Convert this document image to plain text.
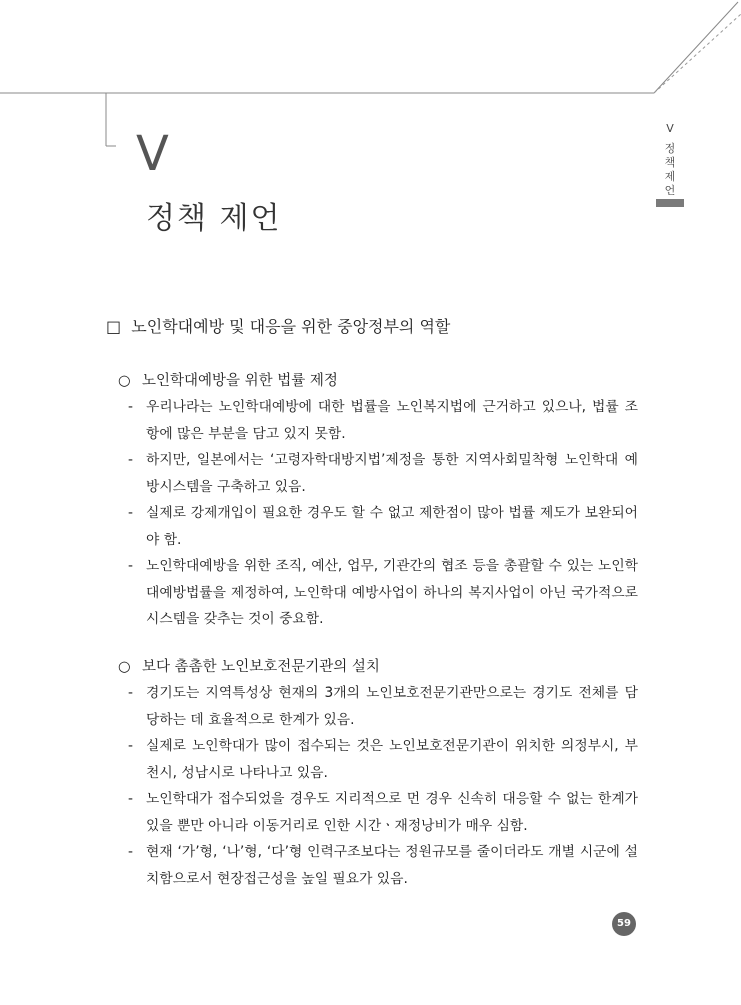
V
정책 제언
V
정
책
제
언
□ 노인학대예방 및 대응을 위한 중앙정부의 역할
○ 노인학대예방을 위한 법률 제정
- 우리나라는 노인학대예방에 대한 법률을 노인복지법에 근거하고 있으나, 법률 조항에 많은 부분을 담고 있지 못함.
- 하지만, 일본에서는 ‘고령자학대방지법’제정을 통한 지역사회밀착형 노인학대 예방시스템을 구축하고 있음.
- 실제로 강제개입이 필요한 경우도 할 수 없고 제한점이 많아 법률 제도가 보완되어야 함.
- 노인학대예방을 위한 조직, 예산, 업무, 기관간의 협조 등을 총괄할 수 있는 노인학대예방법률을 제정하여, 노인학대 예방사업이 하나의 복지사업이 아닌 국가적으로 시스템을 갖추는 것이 중요함.
○ 보다 촘촘한 노인보호전문기관의 설치
- 경기도는 지역특성상 현재의 3개의 노인보호전문기관만으로는 경기도 전체를 담당하는 데 효율적으로 한계가 있음.
- 실제로 노인학대가 많이 접수되는 것은 노인보호전문기관이 위치한 의정부시, 부천시, 성남시로 나타나고 있음.
- 노인학대가 접수되었을 경우도 지리적으로 먼 경우 신속히 대응할 수 없는 한계가 있을 뿐만 아니라 이동거리로 인한 시간ㆍ재정낭비가 매우 심함.
- 현재 ‘가’형, ‘나’형, ‘다’형 인력구조보다는 정원규모를 줄이더라도 개별 시군에 설치함으로서 현장접근성을 높일 필요가 있음.
59
